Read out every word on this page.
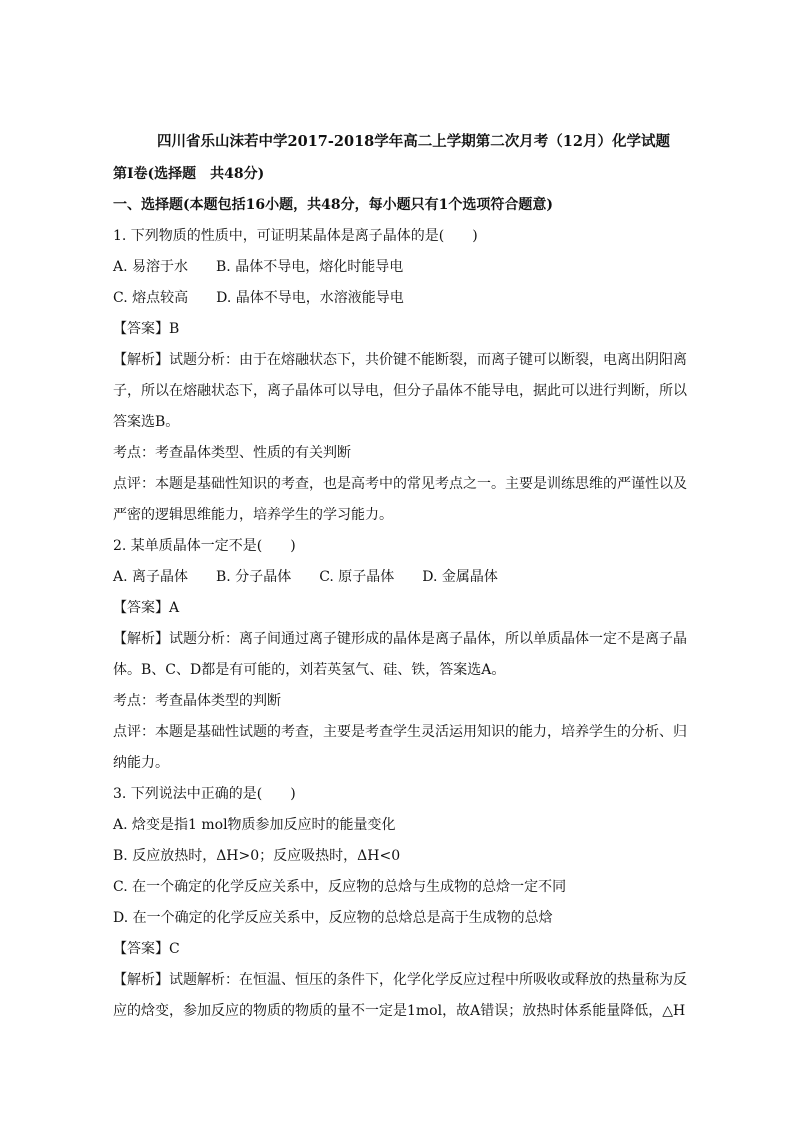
四川省乐山沫若中学2017-2018学年高二上学期第二次月考（12月）化学试题
第Ⅰ卷(选择题　共48分)
一、选择题(本题包括16小题，共48分，每小题只有1个选项符合题意)
1. 下列物质的性质中，可证明某晶体是离子晶体的是(　　)
A. 易溶于水　　B. 晶体不导电，熔化时能导电
C. 熔点较高　　D. 晶体不导电，水溶液能导电
【答案】B
【解析】试题分析：由于在熔融状态下，共价键不能断裂，而离子键可以断裂，电离出阴阳离子，所以在熔融状态下，离子晶体可以导电，但分子晶体不能导电，据此可以进行判断，所以答案选B。
考点：考查晶体类型、性质的有关判断
点评：本题是基础性知识的考查，也是高考中的常见考点之一。主要是训练思维的严谨性以及严密的逻辑思维能力，培养学生的学习能力。
2. 某单质晶体一定不是(　　)
A. 离子晶体　　B. 分子晶体　　C. 原子晶体　　D. 金属晶体
【答案】A
【解析】试题分析：离子间通过离子键形成的晶体是离子晶体，所以单质晶体一定不是离子晶体。B、C、D都是有可能的，刘若英氢气、硅、铁，答案选A。
考点：考查晶体类型的判断
点评：本题是基础性试题的考查，主要是考查学生灵活运用知识的能力，培养学生的分析、归纳能力。
3. 下列说法中正确的是(　　)
A. 焓变是指1 mol物质参加反应时的能量变化
B. 反应放热时，ΔH>0；反应吸热时，ΔH<0
C. 在一个确定的化学反应关系中，反应物的总焓与生成物的总焓一定不同
D. 在一个确定的化学反应关系中，反应物的总焓总是高于生成物的总焓
【答案】C
【解析】试题解析：在恒温、恒压的条件下，化学化学反应过程中所吸收或释放的热量称为反应的焓变，参加反应的物质的物质的量不一定是1mol，故A错误；放热时体系能量降低，△H
